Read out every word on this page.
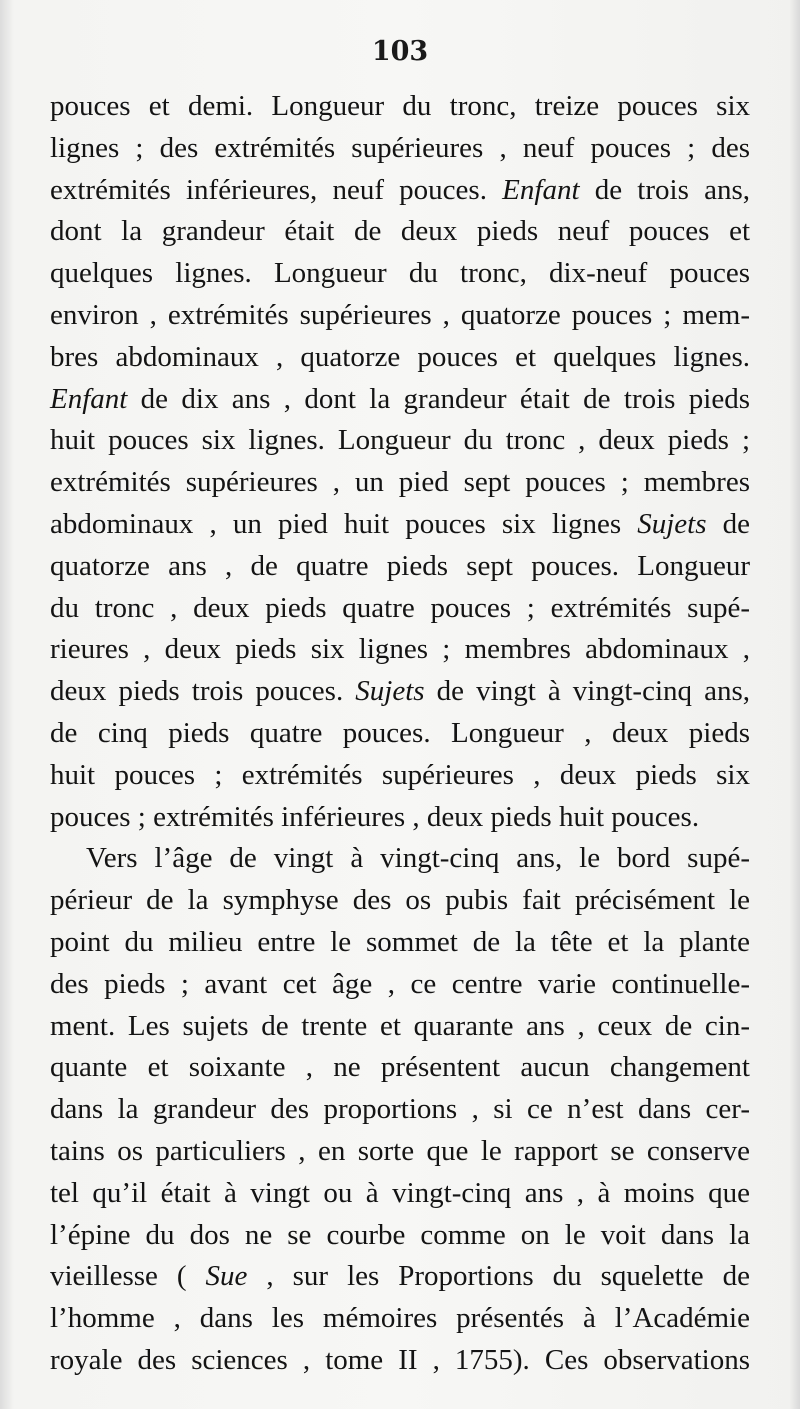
103
pouces et demi. Longueur du tronc, treize pouces six
lignes ; des extrémités supérieures , neuf pouces ; des
extrémités inférieures, neuf pouces. Enfant de trois ans,
dont la grandeur était de deux pieds neuf pouces et
quelques lignes. Longueur du tronc, dix-neuf pouces
environ , extrémités supérieures , quatorze pouces ; mem-
bres abdominaux , quatorze pouces et quelques lignes.
Enfant de dix ans , dont la grandeur était de trois pieds
huit pouces six lignes. Longueur du tronc , deux pieds ;
extrémités supérieures , un pied sept pouces ; membres
abdominaux , un pied huit pouces six lignes Sujets de
quatorze ans , de quatre pieds sept pouces. Longueur
du tronc , deux pieds quatre pouces ; extrémités supé-
rieures , deux pieds six lignes ; membres abdominaux ,
deux pieds trois pouces. Sujets de vingt à vingt-cinq ans,
de cinq pieds quatre pouces. Longueur , deux pieds
huit pouces ; extrémités supérieures , deux pieds six
pouces ; extrémités inférieures , deux pieds huit pouces.
Vers l’âge de vingt à vingt-cinq ans, le bord supé-
périeur de la symphyse des os pubis fait précisément le
point du milieu entre le sommet de la tête et la plante
des pieds ; avant cet âge , ce centre varie continuelle-
ment. Les sujets de trente et quarante ans , ceux de cin-
quante et soixante , ne présentent aucun changement
dans la grandeur des proportions , si ce n’est dans cer-
tains os particuliers , en sorte que le rapport se conserve
tel qu’il était à vingt ou à vingt-cinq ans , à moins que
l’épine du dos ne se courbe comme on le voit dans la
vieillesse ( Sue , sur les Proportions du squelette de
l’homme , dans les mémoires présentés à l’Académie
royale des sciences , tome II , 1755). Ces observations
